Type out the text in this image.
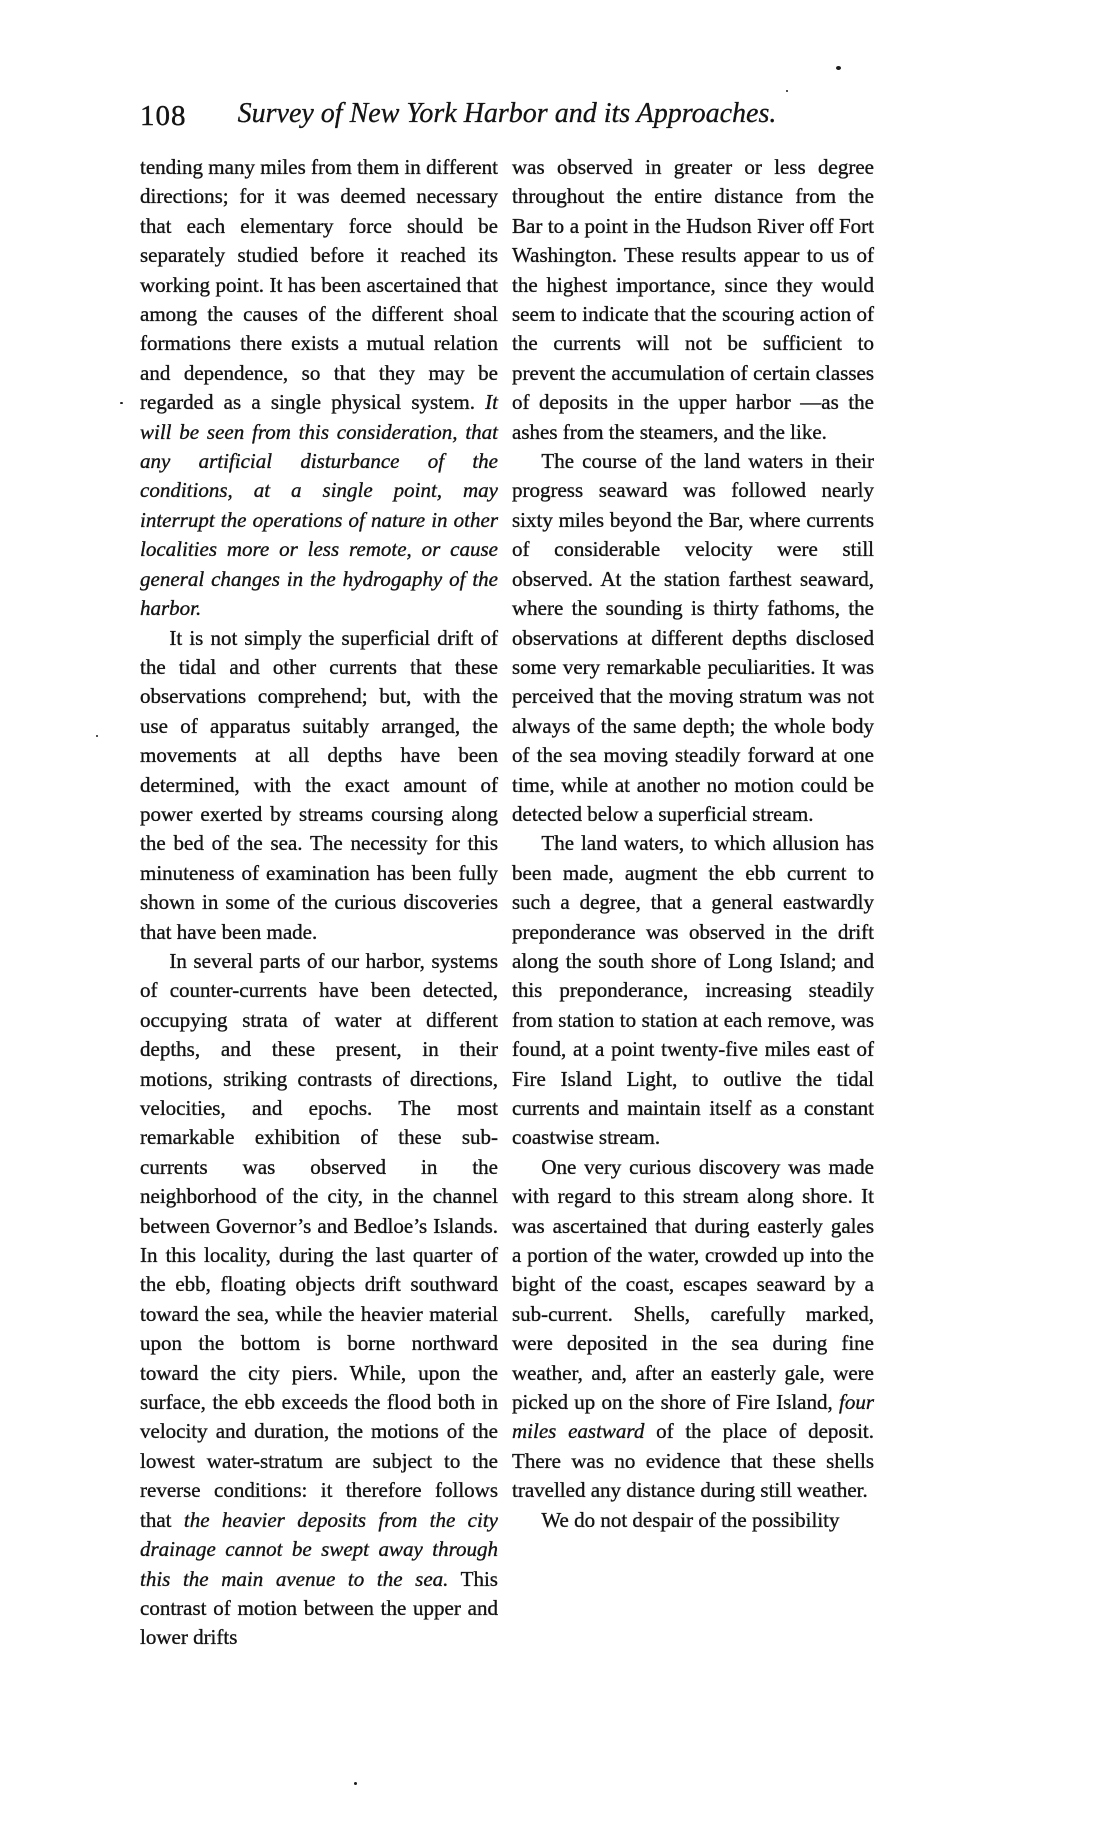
108	Survey of New York Harbor and its Approaches.

tending many miles from them in different directions; for it was deemed necessary that each elementary force should be separately studied before it reached its working point. It has been ascertained that among the causes of the different shoal formations there exists a mutual relation and dependence, so that they may be regarded as a single physical system. It will be seen from this consideration, that any artificial disturbance of the conditions, at a single point, may interrupt the operations of nature in other localities more or less remote, or cause general changes in the hydrogaphy of the harbor.

It is not simply the superficial drift of the tidal and other currents that these observations comprehend; but, with the use of apparatus suitably arranged, the movements at all depths have been determined, with the exact amount of power exerted by streams coursing along the bed of the sea. The necessity for this minuteness of examination has been fully shown in some of the curious discoveries that have been made.

In several parts of our harbor, systems of counter-currents have been detected, occupying strata of water at different depths, and these present, in their motions, striking contrasts of directions, velocities, and epochs. The most remarkable exhibition of these sub-currents was observed in the neighborhood of the city, in the channel between Governor’s and Bedloe’s Islands. In this locality, during the last quarter of the ebb, floating objects drift southward toward the sea, while the heavier material upon the bottom is borne northward toward the city piers. While, upon the surface, the ebb exceeds the flood both in velocity and duration, the motions of the lowest water-stratum are subject to the reverse conditions: it therefore follows that the heavier deposits from the city drainage cannot be swept away through this the main avenue to the sea. This contrast of motion between the upper and lower drifts

was observed in greater or less degree throughout the entire distance from the Bar to a point in the Hudson River off Fort Washington. These results appear to us of the highest importance, since they would seem to indicate that the scouring action of the currents will not be sufficient to prevent the accumulation of certain classes of deposits in the upper harbor —as the ashes from the steamers, and the like.

The course of the land waters in their progress seaward was followed nearly sixty miles beyond the Bar, where currents of considerable velocity were still observed. At the station farthest seaward, where the sounding is thirty fathoms, the observations at different depths disclosed some very remarkable peculiarities. It was perceived that the moving stratum was not always of the same depth; the whole body of the sea moving steadily forward at one time, while at another no motion could be detected below a superficial stream.

The land waters, to which allusion has been made, augment the ebb current to such a degree, that a general eastwardly preponderance was observed in the drift along the south shore of Long Island; and this preponderance, increasing steadily from station to station at each remove, was found, at a point twenty-five miles east of Fire Island Light, to outlive the tidal currents and maintain itself as a constant coastwise stream.

One very curious discovery was made with regard to this stream along shore. It was ascertained that during easterly gales a portion of the water, crowded up into the bight of the coast, escapes seaward by a sub-current. Shells, carefully marked, were deposited in the sea during fine weather, and, after an easterly gale, were picked up on the shore of Fire Island, four miles eastward of the place of deposit. There was no evidence that these shells travelled any distance during still weather.

We do not despair of the possibility
